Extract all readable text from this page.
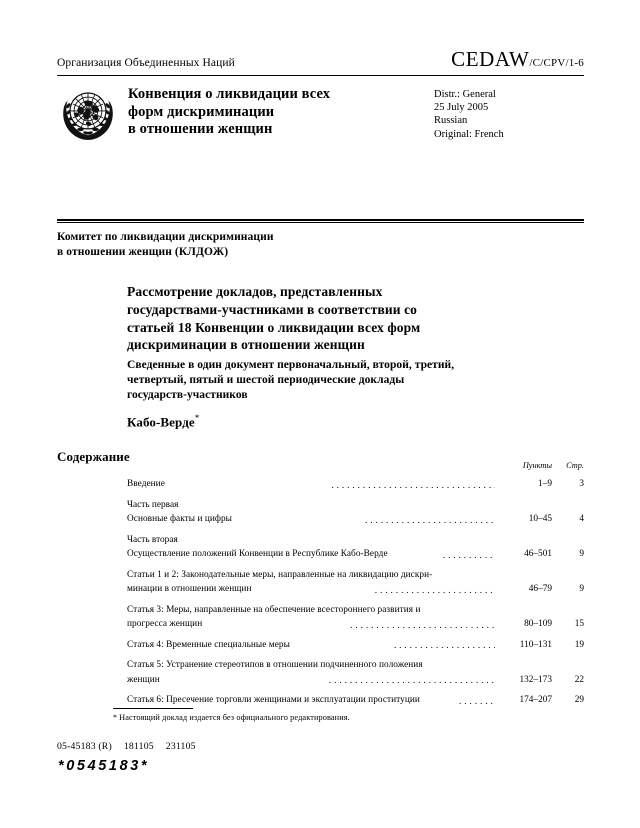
Организация Объединенных Наций	CEDAW/C/CPV/1-6
Конвенция о ликвидации всех
форм дискриминации
в отношении женщин
Distr.: General
25 July 2005
Russian
Original: French
Комитет по ликвидации дискриминации
в отношении женщин (КЛДОЖ)
Рассмотрение докладов, представленных
государствами-участниками в соответствии со
статьей 18 Конвенции о ликвидации всех форм
дискриминации в отношении женщин
Сведенные в один документ первоначальный, второй, третий,
четвертый, пятый и шестой периодические доклады
государств-участников
Кабо-Верде*
Содержание
Пункты	Стр.
Введение . . .	1–9	3
Часть первая
Основные факты и цифры . . .	10–45	4
Часть вторая
Осуществление положений Конвенции в Республике Кабо-Верде . . .	46–501	9
Статьи 1 и 2: Законодательные меры, направленные на ликвидацию дискри-
минации в отношении женщин . . .	46–79	9
Статья 3: Меры, направленные на обеспечение всестороннего развития и
прогресса женщин . . .	80–109	15
Статья 4: Временные специальные меры . . .	110–131	19
Статья 5: Устранение стереотипов в отношении подчиненного положения
женщин . . .	132–173	22
Статья 6: Пресечение торговли женщинами и эксплуатации проституции . . .	174–207	29
* Настоящий доклад издается без официального редактирования.
05-45183 (R) 181105 231105
*0545183*
